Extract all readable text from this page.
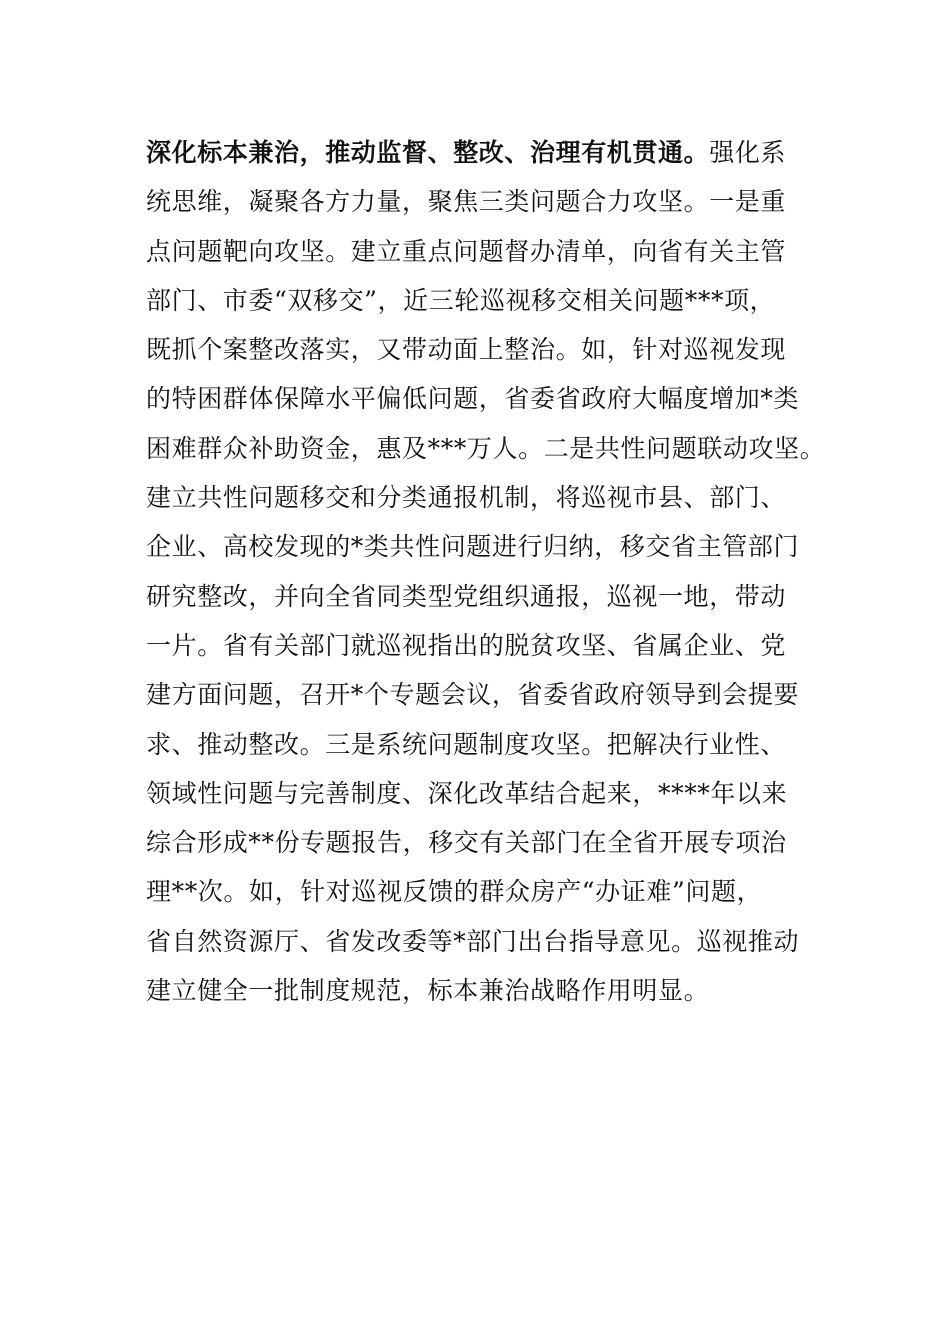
深化标本兼治，推动监督、整改、治理有机贯通。强化系
统思维，凝聚各方力量，聚焦三类问题合力攻坚。一是重
点问题靶向攻坚。建立重点问题督办清单，向省有关主管
部门、市委“双移交”，近三轮巡视移交相关问题***项，
既抓个案整改落实，又带动面上整治。如，针对巡视发现
的特困群体保障水平偏低问题，省委省政府大幅度增加*类
困难群众补助资金，惠及***万人。二是共性问题联动攻坚。
建立共性问题移交和分类通报机制，将巡视市县、部门、
企业、高校发现的*类共性问题进行归纳，移交省主管部门
研究整改，并向全省同类型党组织通报，巡视一地，带动
一片。省有关部门就巡视指出的脱贫攻坚、省属企业、党
建方面问题，召开*个专题会议，省委省政府领导到会提要
求、推动整改。三是系统问题制度攻坚。把解决行业性、
领域性问题与完善制度、深化改革结合起来，****年以来
综合形成**份专题报告，移交有关部门在全省开展专项治
理**次。如，针对巡视反馈的群众房产“办证难”问题，
省自然资源厅、省发改委等*部门出台指导意见。巡视推动
建立健全一批制度规范，标本兼治战略作用明显。
